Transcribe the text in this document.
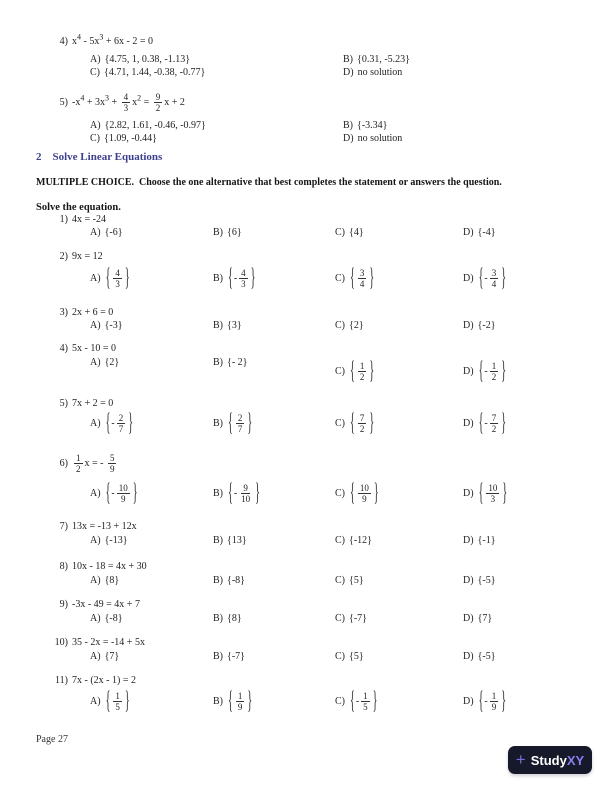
4) $x^4 - 5x^3 + 6x - 2 = 0$
A) {4.75, 1, 0.38, -1.13}	B) {0.31, -5.23}
C) {4.71, 1.44, -0.38, -0.77}	D) no solution
5) $-x^4 + 3x^3 + \frac{4}{3} x^2 = \frac{9}{2}$ x + 2
A) {2.82, 1.61, -0.46, -0.97}	B) {-3.34}
C) {1.09, -0.44}	D) no solution
2 Solve Linear Equations
MULTIPLE CHOICE.  Choose the one alternative that best completes the statement or answers the question.
Solve the equation.
1) 4x = -24
A) {-6}	B) {6}	C) {4}	D) {-4}
2) 9x = 12
A) { $\frac{4}{3}$ }	B) {- $\frac{4}{3}$ }	C) { $\frac{3}{4}$ }	D) {- $\frac{3}{4}$ }
3) 2x + 6 = 0
A) {-3}	B) {3}	C) {2}	D) {-2}
4) 5x - 10 = 0
A) {2}	B) {- 2}
C) { $\frac{1}{2}$ }	D) {- $\frac{1}{2}$ }
5) 7x + 2 = 0
A) {- $\frac{2}{7}$ }	B) { $\frac{2}{7}$ }	C) { $\frac{7}{2}$ }	D) {- $\frac{7}{2}$ }
$6) \frac{1}{2}$ x = - $\frac{5}{9}$
A) {- $\frac{10}{9}$ }	B) {- $\frac{9}{10}$ }	C) { $\frac{10}{9}$ }	D) { $\frac{10}{3}$ }
7) 13x = -13 + 12x
A) {-13}	B) {13}	C) {-12}	D) {-1}
8) 10x - 18 = 4x + 30
A) {8}	B) {-8}	C) {5}	D) {-5}
9) -3x - 49 = 4x + 7
A) {-8}	B) {8}	C) {-7}	D) {7}
10) 35 - 2x = -14 + 5x
A) {7}	B) {-7}	C) {5}	D) {-5}
11) 7x - (2x - 1) = 2
A) { $\frac{1}{5}$ }	B) { $\frac{1}{9}$ }	C) {- $\frac{1}{5}$ }	D) {- $\frac{1}{9}$ }
Page 27
+ StudyXY
